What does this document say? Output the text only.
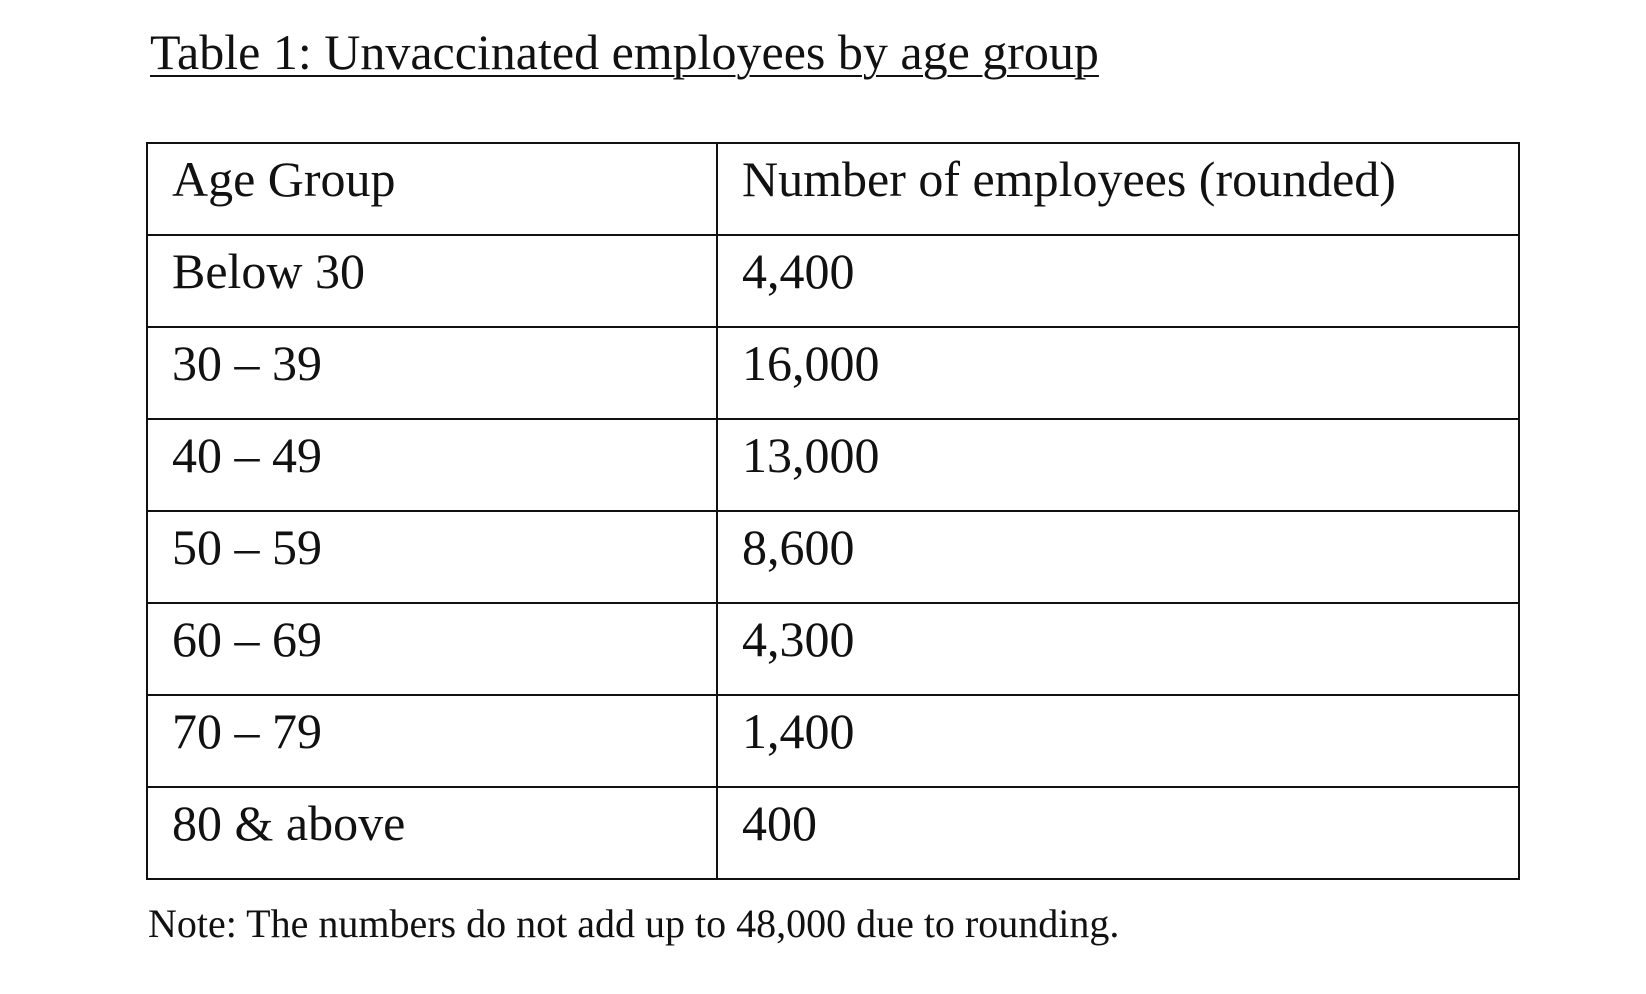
Table 1: Unvaccinated employees by age group
Age Group	Number of employees (rounded)

Below 30	4,400

30 – 39	16,000

40 – 49	13,000

50 – 59	8,600

60 – 69	4,300

70 – 79	1,400

80 & above	400
Note: The numbers do not add up to 48,000 due to rounding.
